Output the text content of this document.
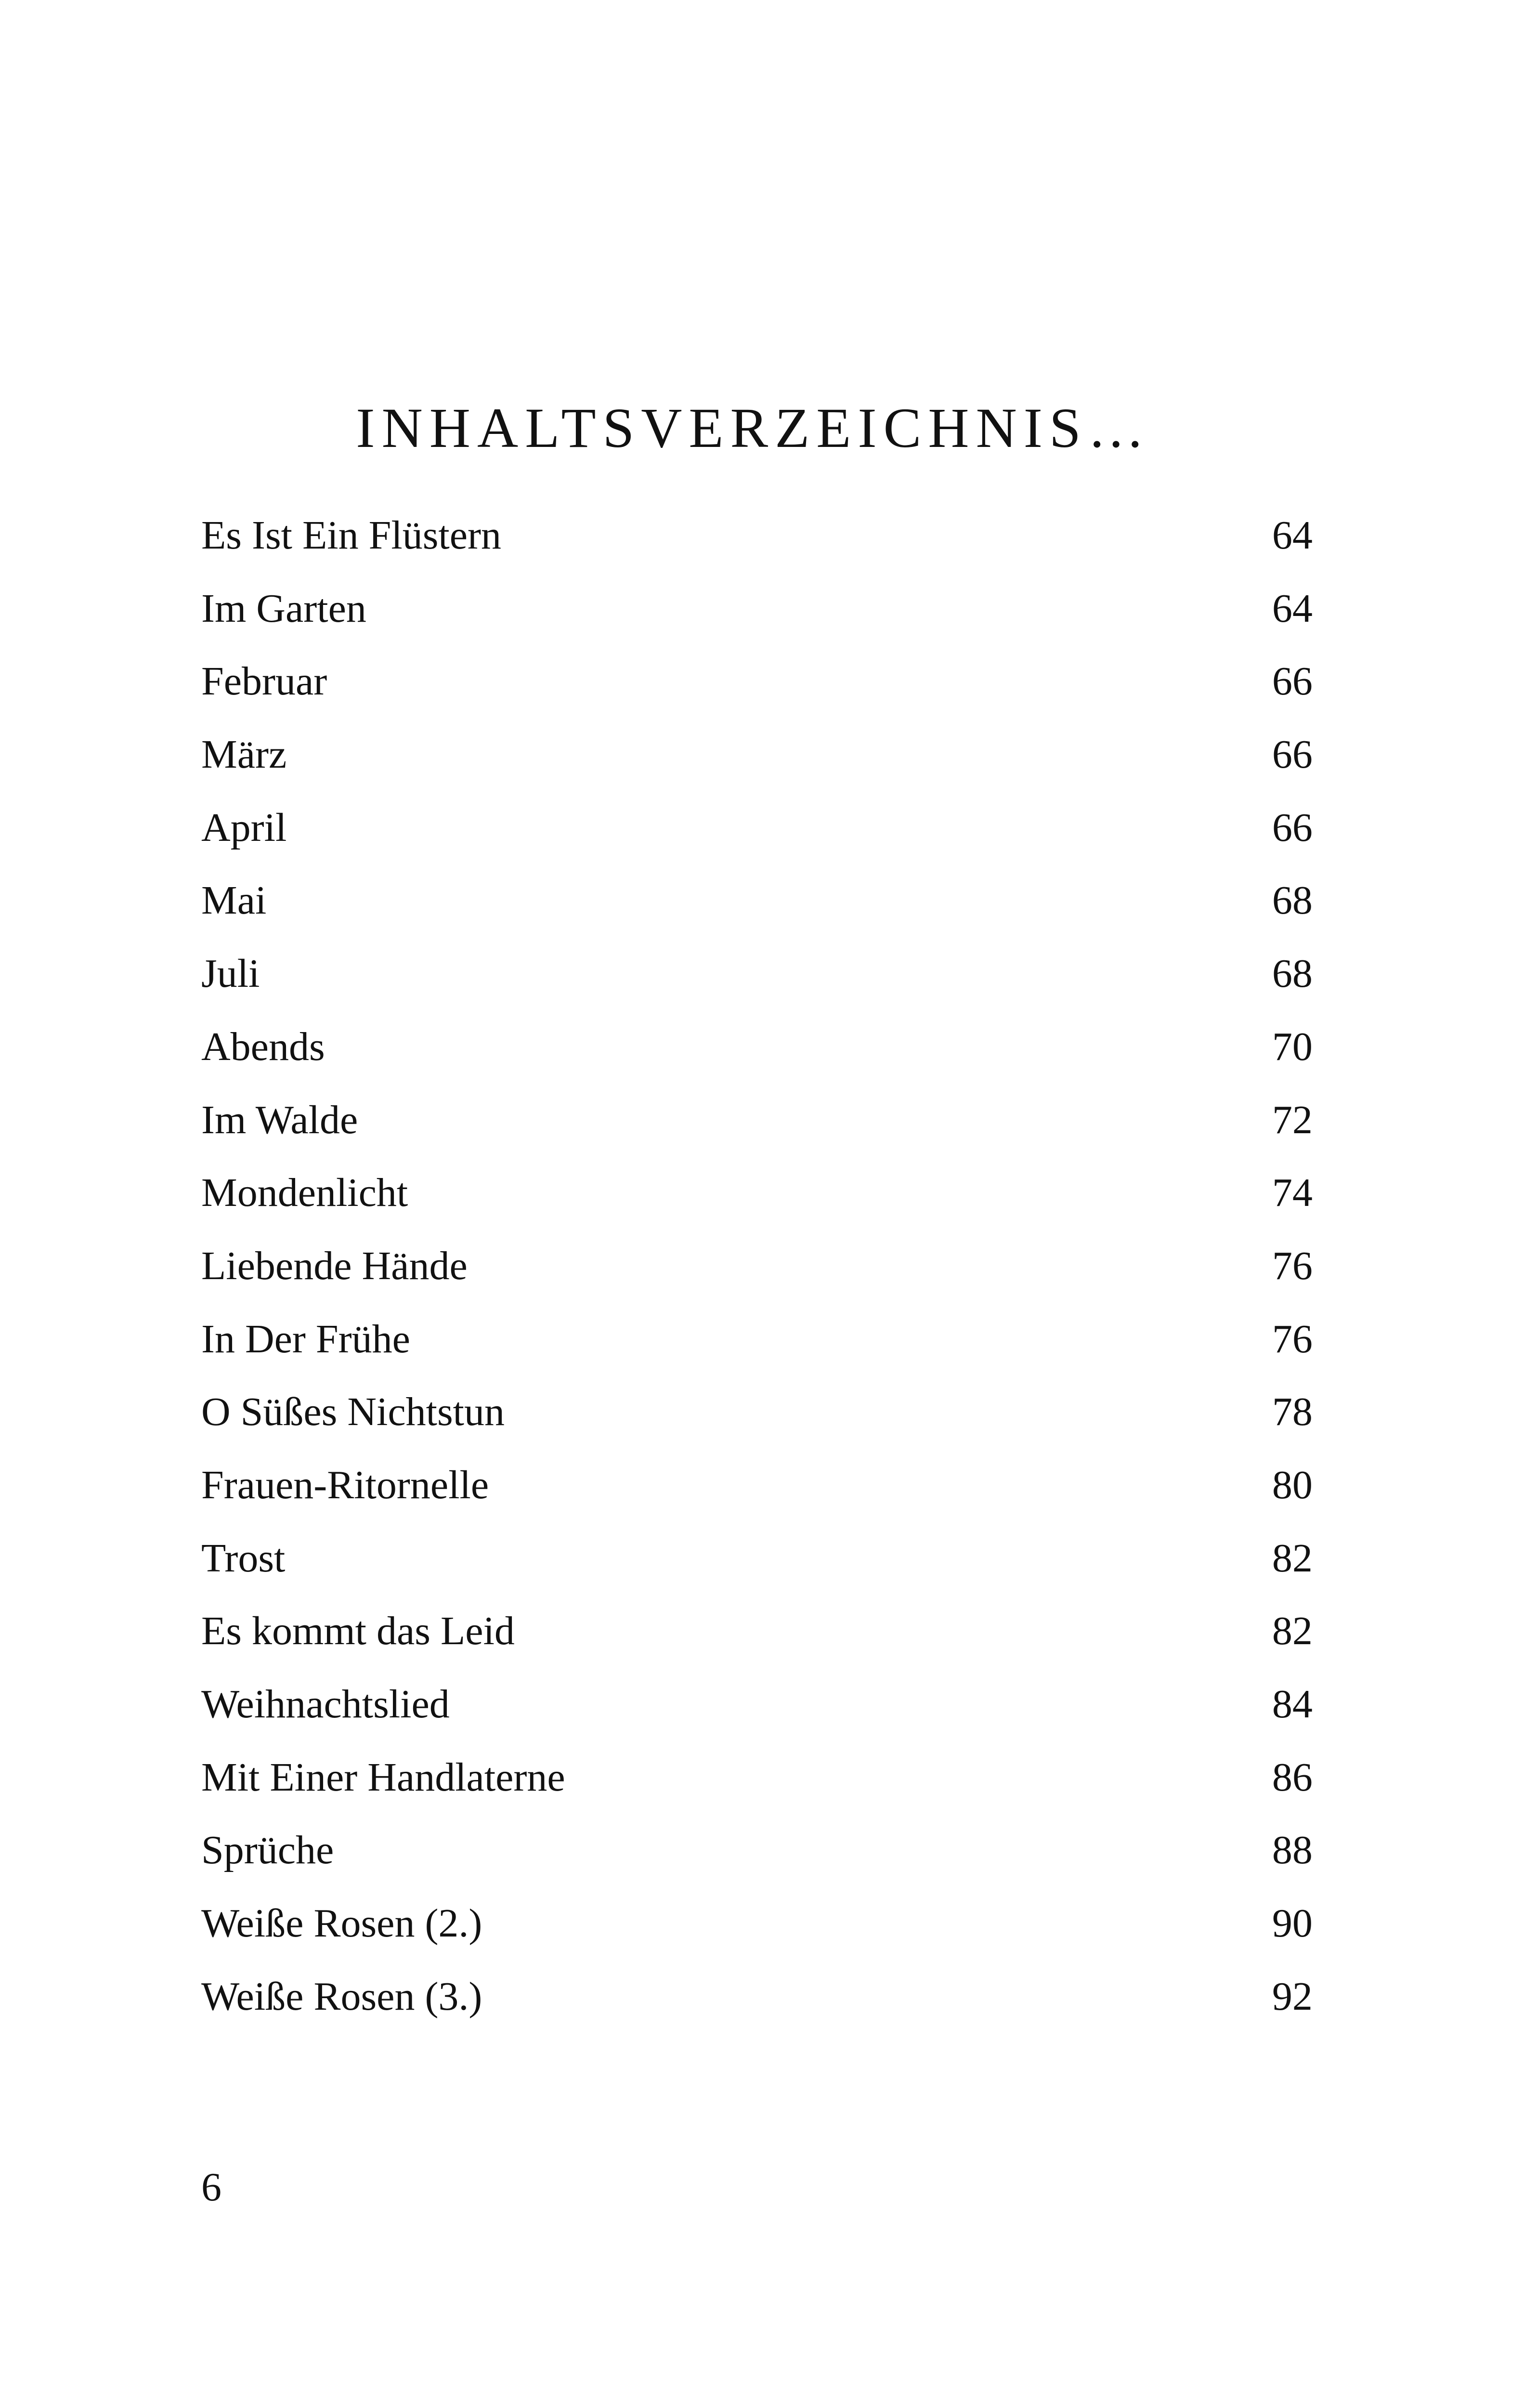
INHALTSVERZEICHNIS…
Es Ist Ein Flüstern	64
Im Garten	64
Februar	66
März	66
April	66
Mai	68
Juli	68
Abends	70
Im Walde	72
Mondenlicht	74
Liebende Hände	76
In Der Frühe	76
O Süßes Nichtstun	78
Frauen-Ritornelle	80
Trost	82
Es kommt das Leid	82
Weihnachtslied	84
Mit Einer Handlaterne	86
Sprüche	88
Weiße Rosen (2.)	90
Weiße Rosen (3.)	92
6
